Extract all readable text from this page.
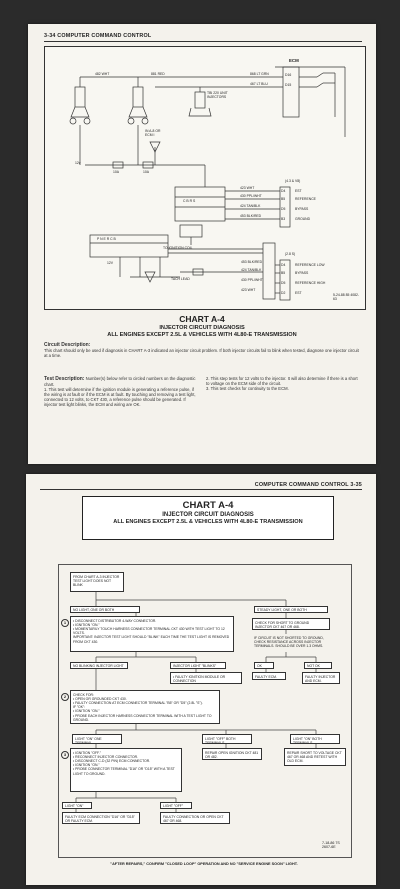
3-34 COMPUTER COMMAND CONTROL
ECM
868 LT GRN
467 LT BLU
D16
D15
482 WHT	881 RED
TBI 220 UNIT INJECTORS
IN A-8 OR ECM I
12v
10A	10A
C B R S
TO IGNITION COIL
(4.3 & V8)
423 WHT
430 PPL/WHT
424 TAN/BLK
453 BLK/RED
D4
B5
D5
B3
EST
REFERENCE
BYPASS
GROUND
P N E R C B
12V
TACH LEAD
(2.8 S)
453 BLK/RED
424 TAN/BLK
430 PPL/WHT
423 WHT
D4
B5
D5
D2
REFERENCE LOW
BYPASS
REFERENCE HIGH
EST	5-24-88 85 4082-63
CHART A-4
INJECTOR CIRCUIT DIAGNOSIS
ALL ENGINES EXCEPT 2.5L & VEHICLES WITH 4L80-E TRANSMISSION
Circuit Description:
This chart should only be used if diagnosis in CHART A-3 indicated an injector circuit problem. If both injector circuits fail to blink when tested, diagnose one injector circuit at a time.
Test Description: Number(s) below refer to circled numbers on the diagnostic chart.
1. This test will determine if the ignition module is generating a reference pulse, if the wiring is at fault or if the ECM is at fault. By touching and removing a test light, connected to 12 volts, to CKT 430, a reference pulse should be generated. If injector test light blinks, the ECM and wiring are OK.
2. This step tests for 12 volts to the injector. It will also determine if there is a short to voltage on the ECM side of the circuit.
3. This test checks for continuity to the ECM.
COMPUTER COMMAND CONTROL 3-35
CHART A-4
INJECTOR CIRCUIT DIAGNOSIS
ALL ENGINES EXCEPT 2.5L & VEHICLES WITH 4L80-E TRANSMISSION
FROM CHART A-3 INJECTOR TEST LIGHT DOES NOT BLINK
NO LIGHT, ONE OR BOTH	STEADY LIGHT, ONE OR BOTH
1	• DISCONNECT DISTRIBUTOR 4-WAY CONNECTOR.
• IGNITION "ON."
• MOMENTARILY TOUCH HARNESS CONNECTOR TERMINAL CKT 430 WITH TEST LIGHT TO 12 VOLTS.
IMPORTANT: INJECTOR TEST LIGHT SHOULD "BLINK" EACH TIME THE TEST LIGHT IS REMOVED FROM CKT 430.
CHECK FOR SHORT TO GROUND INJECTOR CKT 467 OR 468.
IF CIRCUIT IS NOT SHORTED TO GROUND, CHECK RESISTANCE ACROSS INJECTOR TERMINALS. SHOULD BE OVER 1.3 OHMS.
NO BLINKING INJECTOR LIGHT	INJECTOR LIGHT "BLINKS"
• FAULTY IGNITION MODULE OR CONNECTION
OK	NOT OK
FAULTY ECM.	FAULTY INJECTOR AND ECM.
2	CHECK FOR:
• OPEN OR GROUNDED CKT 430.
• FAULTY CONNECTION AT ECM CONNECTOR TERMINAL "B5" OR "D5" (2.8L "S").
IF "OK":
• IGNITION "ON."
• PROBE EACH INJECTOR HARNESS CONNECTOR TERMINAL WITH A TEST LIGHT TO GROUND.
LIGHT "ON" ONE TERMINAL
LIGHT "OFF" BOTH TERMINALS
LIGHT "ON" BOTH TERMINALS
3	• IGNITION "OFF."
• RECONNECT INJECTOR CONNECTOR.
• DISCONNECT C-D (32 PIN) ECM CONNECTOR.
• IGNITION "ON."
• PROBE CONNECTOR TERMINAL "D16" OR "D15" WITH A TEST LIGHT TO GROUND.
REPAIR OPEN IGNITION CKT 481 OR 482.
REPAIR SHORT TO VOLTAGE CKT 467 OR 468 AND RETEST WITH OLD ECM.
LIGHT "ON"	LIGHT "OFF"
FAULTY ECM CONNECTION "D16" OR "D15" OR FAULTY ECM.
FAULTY CONNECTION OR OPEN CKT 467 OR 468.
7-18-86 7S 2607-6E
"AFTER REPAIRS," CONFIRM "CLOSED LOOP" OPERATION AND NO "SERVICE ENGINE SOON" LIGHT.
